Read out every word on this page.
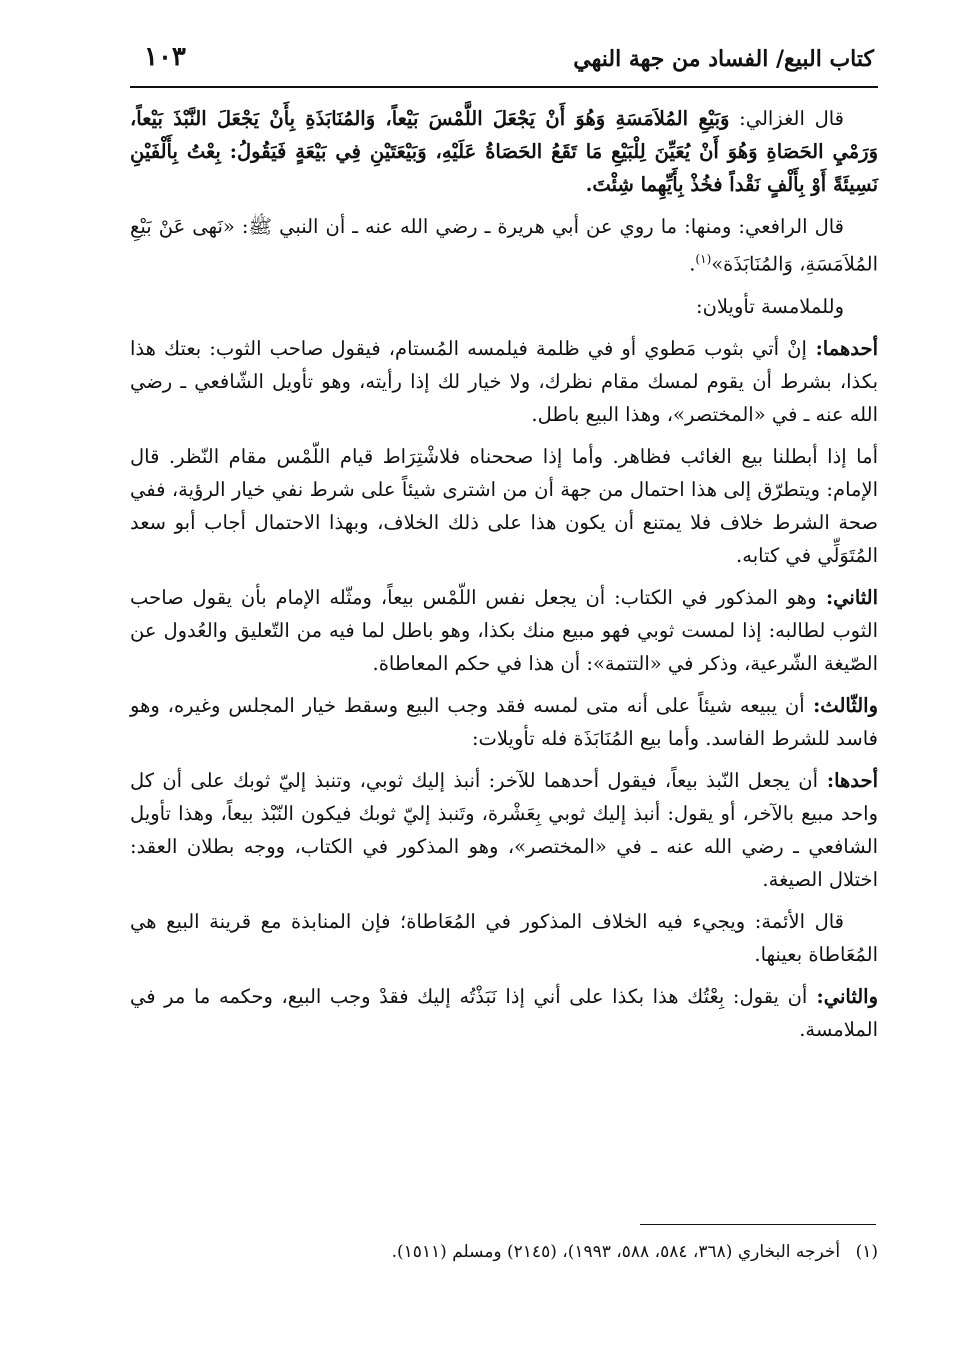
١٠٣	كتاب البيع/ الفساد من جهة النهي

قال الغزالي: وَبَيْعِ المُلاَمَسَةِ وَهُوَ أَنْ يَجْعَلَ اللَّمْسَ بَيْعاً، وَالمُنَابَذَةِ بِأَنْ يَجْعَلَ النَّبْذَ بَيْعاً، وَرَمْيِ الحَصَاةِ وَهُوَ أَنْ يُعَيِّنَ لِلْبَيْعِ مَا تَقَعُ الحَصَاةُ عَلَيْهِ، وَبَيْعَتَيْنِ فِي بَيْعَةٍ فَيَقُولُ: بِعْتُ بِأَلْفَيْنِ نَسِيئَةً أَوْ بِأَلْفٍ نَقْداً فخُذْ بِأَيِّهِما شِئْتَ.

قال الرافعي: ومنها: ما روي عن أبي هريرة ـ رضي الله عنه ـ أن النبي ﷺ: «نَهى عَنْ بَيْعِ المُلاَمَسَةِ، وَالمُنَابَذَة»$^{(١)}$.

وللملامسة تأويلان:

أحدهما: إنْ أتي بثوب مَطوي أو في ظلمة فيلمسه المُستام، فيقول صاحب الثوب: بعتك هذا بكذا، بشرط أن يقوم لمسك مقام نظرك، ولا خيار لك إذا رأيته، وهو تأويل الشّافعي ـ رضي الله عنه ـ في «المختصر»، وهذا البيع باطل.

أما إذا أبطلنا بيع الغائب فظاهر. وأما إذا صححناه فلاشْتِرَاط قيام اللّمْس مقام النّظر. قال الإمام: ويتطرّق إلى هذا احتمال من جهة أن من اشترى شيئاً على شرط نفي خيار الرؤية، ففي صحة الشرط خلاف فلا يمتنع أن يكون هذا على ذلك الخلاف، وبهذا الاحتمال أجاب أبو سعد المُتَوَلِّي في كتابه.

الثاني: وهو المذكور في الكتاب: أن يجعل نفس اللّمْس بيعاً، ومثّله الإمام بأن يقول صاحب الثوب لطالبه: إذا لمست ثوبي فهو مبيع منك بكذا، وهو باطل لما فيه من التّعليق والعُدول عن الصّيغة الشّرعية، وذكر في «التتمة»: أن هذا في حكم المعاطاة.

والثّالث: أن يبيعه شيئاً على أنه متى لمسه فقد وجب البيع وسقط خيار المجلس وغيره، وهو فاسد للشرط الفاسد. وأما بيع المُنَابَذَة فله تأويلات:

أحدها: أن يجعل النّبذ بيعاً، فيقول أحدهما للآخر: أنبذ إليك ثوبي، وتنبذ إليّ ثوبك على أن كل واحد مبيع بالآخر، أو يقول: أنبذ إليك ثوبي بِعَشْرة، وتَنبذ إليّ ثوبك فيكون النّبْذ بيعاً، وهذا تأويل الشافعي ـ رضي الله عنه ـ في «المختصر»، وهو المذكور في الكتاب، ووجه بطلان العقد: اختلال الصيغة.

قال الأئمة: ويجيء فيه الخلاف المذكور في المُعَاطاة؛ فإن المنابذة مع قرينة البيع هي المُعَاطاة بعينها.

والثاني: أن يقول: بِعْتُك هذا بكذا على أني إذا نَبَذْتُه إليك فقدْ وجب البيع، وحكمه ما مر في الملامسة.

(١) أخرجه البخاري (٣٦٨، ٥٨٤، ٥٨٨، ١٩٩٣)، (٢١٤٥) ومسلم (١٥١١).
